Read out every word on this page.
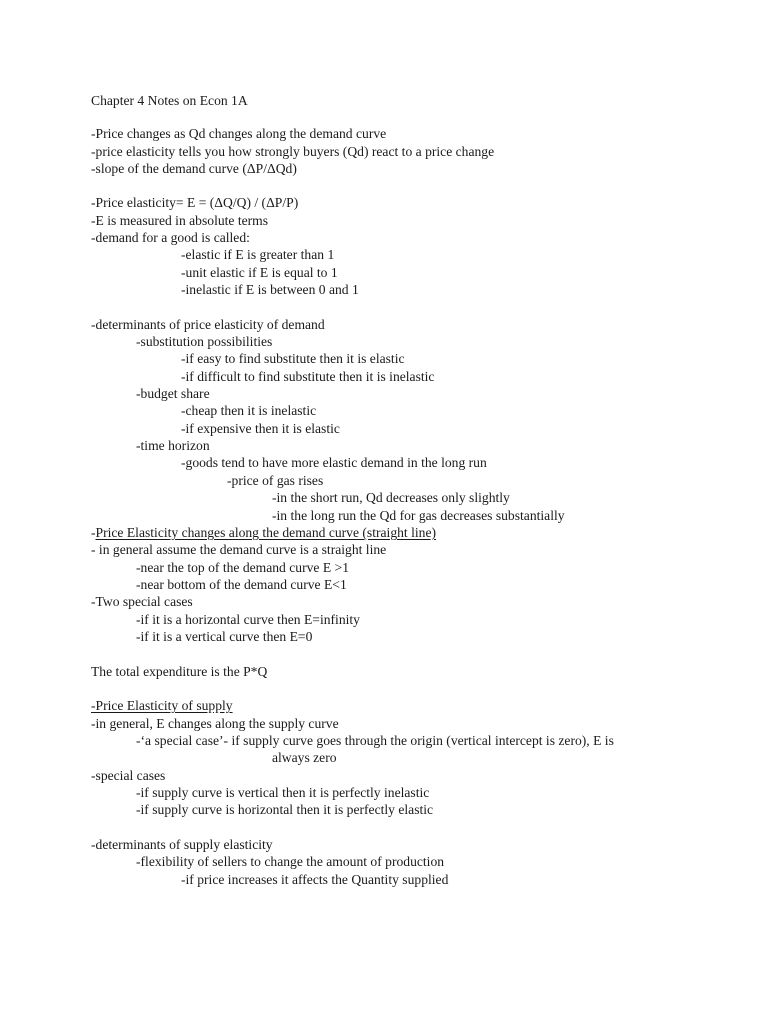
Chapter 4 Notes on Econ 1A
-Price changes as Qd changes along the demand curve
-price elasticity tells you how strongly buyers (Qd) react to a price change
-slope of the demand curve (ΔP/ΔQd)
-Price elasticity= E = (ΔQ/Q) / (ΔP/P)
-E is measured in absolute terms
-demand for a good is called:
-elastic if E is greater than 1
-unit elastic if E is equal to 1
-inelastic if E is between 0 and 1
-determinants of price elasticity of demand
-substitution possibilities
-if easy to find substitute then it is elastic
-if difficult to find substitute then it is inelastic
-budget share
-cheap then it is inelastic
-if expensive then it is elastic
-time horizon
-goods tend to have more elastic demand in the long run
-price of gas rises
-in the short run, Qd decreases only slightly
-in the long run the Qd for gas decreases substantially
-Price Elasticity changes along the demand curve (straight line)
- in general assume the demand curve is a straight line
-near the top of the demand curve E >1
-near bottom of the demand curve E<1
-Two special cases
-if it is a horizontal curve then E=infinity
-if it is a vertical curve then E=0
The total expenditure is the P*Q
-Price Elasticity of supply
-in general, E changes along the supply curve
-‘a special case’- if supply curve goes through the origin (vertical intercept is zero), E is
always zero
-special cases
-if supply curve is vertical then it is perfectly inelastic
-if supply curve is horizontal then it is perfectly elastic
-determinants of supply elasticity
-flexibility of sellers to change the amount of production
-if price increases it affects the Quantity supplied
